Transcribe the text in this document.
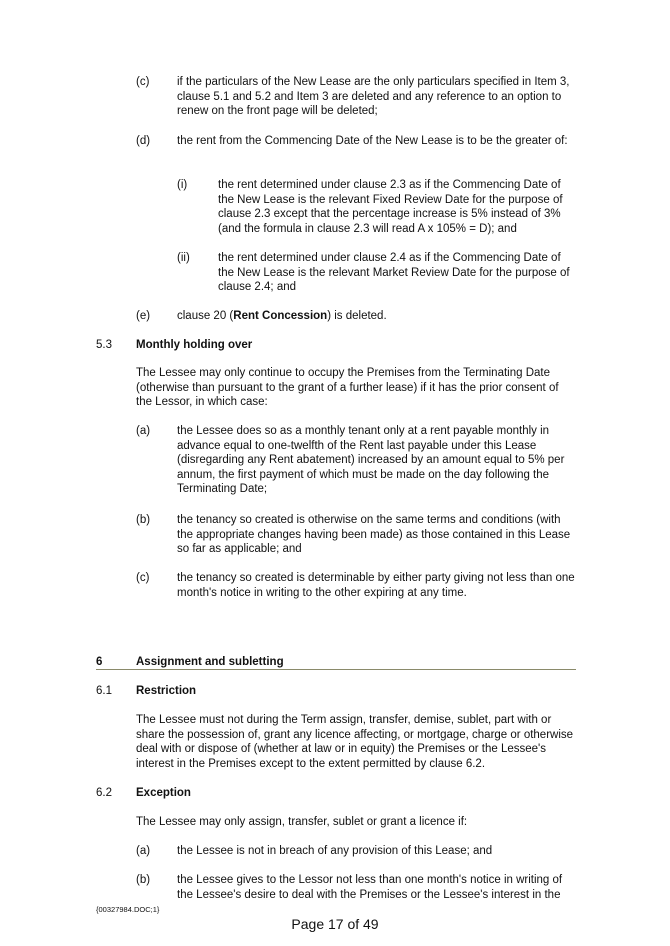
(c) if the particulars of the New Lease are the only particulars specified in Item 3, clause 5.1 and 5.2 and Item 3 are deleted and any reference to an option to renew on the front page will be deleted;

(d) the rent from the Commencing Date of the New Lease is to be the greater of:

(i)	the rent determined under clause 2.3 as if the Commencing Date of the New Lease is the relevant Fixed Review Date for the purpose of clause 2.3 except that the percentage increase is 5% instead of 3% (and the formula in clause 2.3 will read A x 105% = D); and

(ii) the rent determined under clause 2.4 as if the Commencing Date of the New Lease is the relevant Market Review Date for the purpose of clause 2.4; and

(e) clause 20 (Rent Concession) is deleted.

5.3 Monthly holding over

The Lessee may only continue to occupy the Premises from the Terminating Date (otherwise than pursuant to the grant of a further lease) if it has the prior consent of the Lessor, in which case:

(a) the Lessee does so as a monthly tenant only at a rent payable monthly in advance equal to one-twelfth of the Rent last payable under this Lease (disregarding any Rent abatement) increased by an amount equal to 5% per annum, the first payment of which must be made on the day following the Terminating Date;

(b) the tenancy so created is otherwise on the same terms and conditions (with the appropriate changes having been made) as those contained in this Lease so far as applicable; and

(c) the tenancy so created is determinable by either party giving not less than one month's notice in writing to the other expiring at any time.

6	Assignment and subletting
6.1 Restriction

The Lessee must not during the Term assign, transfer, demise, sublet, part with or share the possession of, grant any licence affecting, or mortgage, charge or otherwise deal with or dispose of (whether at law or in equity) the Premises or the Lessee's interest in the Premises except to the extent permitted by clause 6.2.

6.2 Exception

The Lessee may only assign, transfer, sublet or grant a licence if:

(a) the Lessee is not in breach of any provision of this Lease; and

(b) the Lessee gives to the Lessor not less than one month's notice in writing of the Lessee's desire to deal with the Premises or the Lessee's interest in the

{00327984.DOC;1}
Page 17 of 49
